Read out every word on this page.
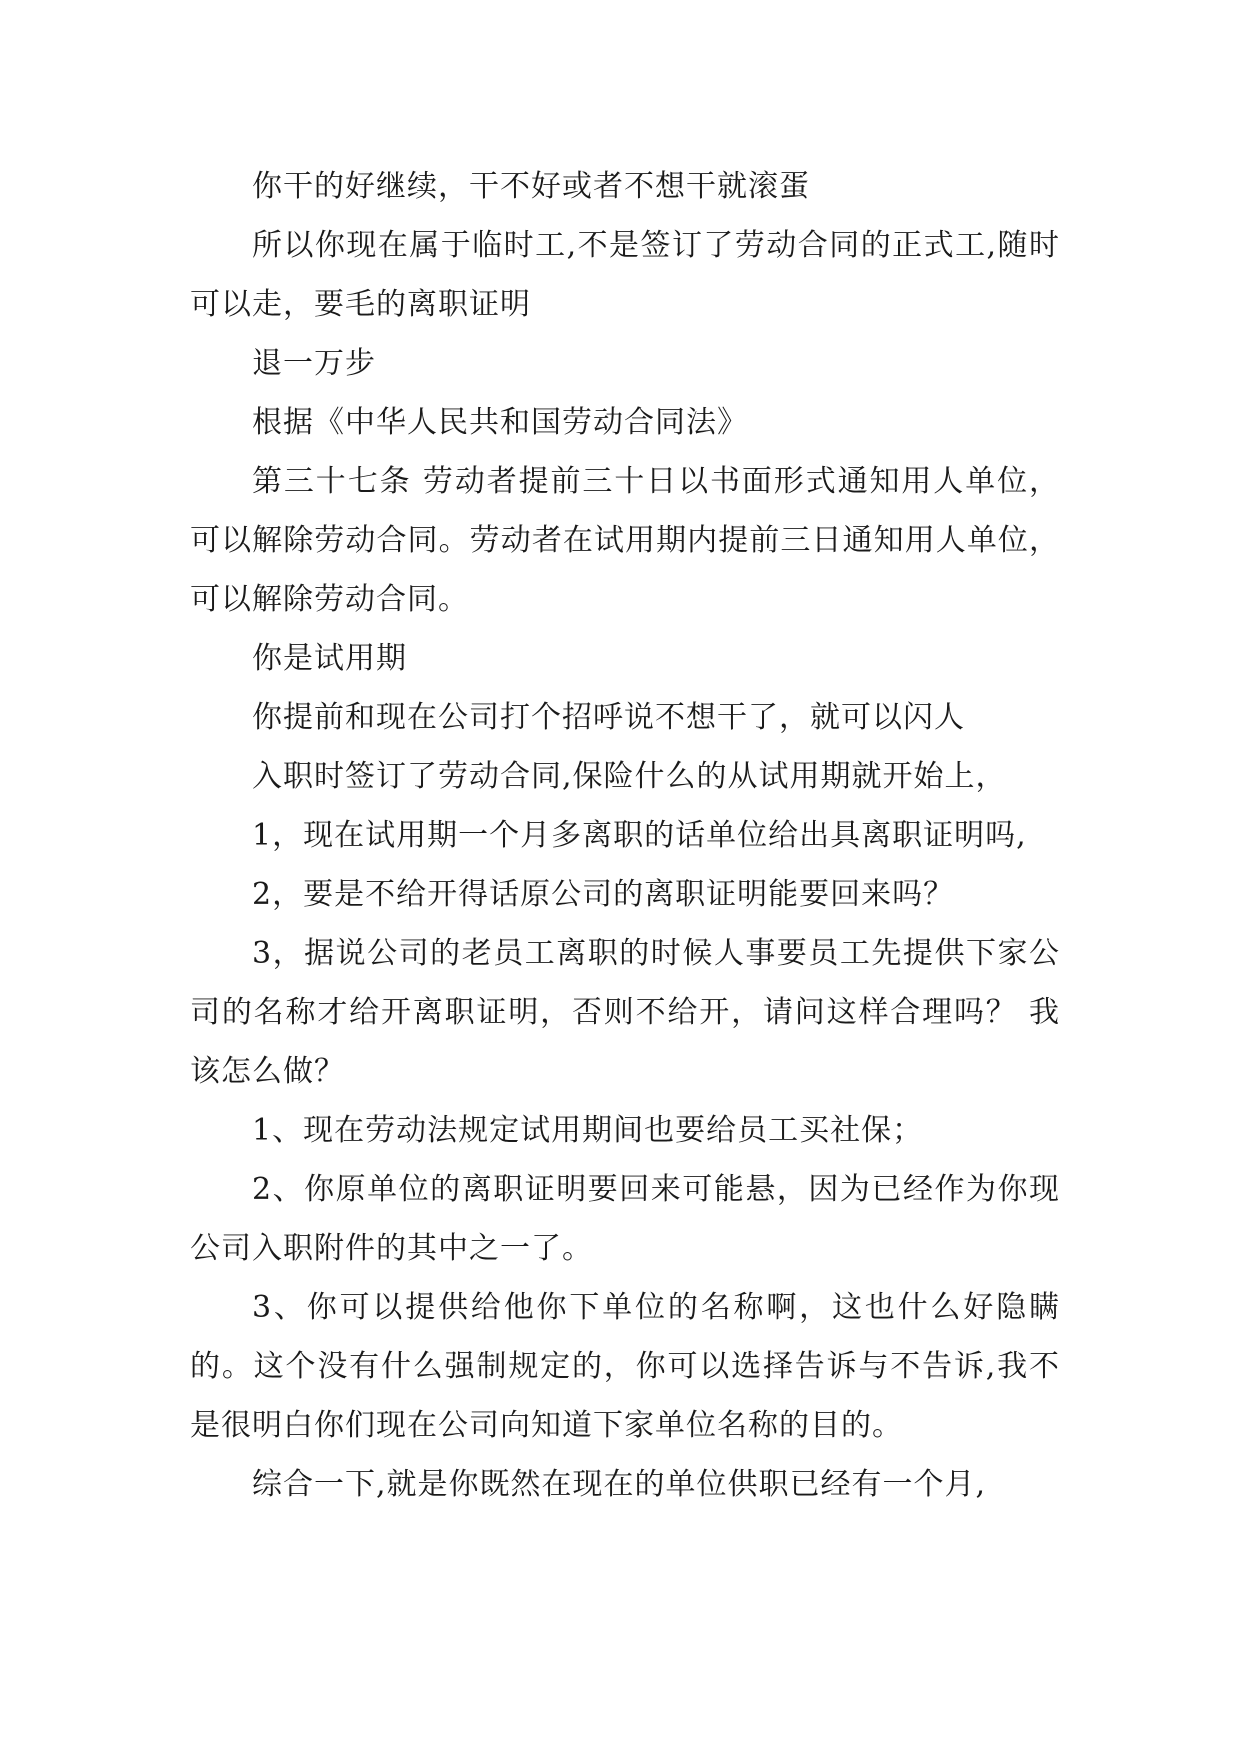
你干的好继续，干不好或者不想干就滚蛋

所以你现在属于临时工,不是签订了劳动合同的正式工,随时可以走，要毛的离职证明

退一万步

根据《中华人民共和国劳动合同法》

第三十七条 劳动者提前三十日以书面形式通知用人单位，可以解除劳动合同。劳动者在试用期内提前三日通知用人单位，可以解除劳动合同。

你是试用期

你提前和现在公司打个招呼说不想干了，就可以闪人

入职时签订了劳动合同,保险什么的从试用期就开始上，

1，现在试用期一个月多离职的话单位给出具离职证明吗,

2，要是不给开得话原公司的离职证明能要回来吗？

3，据说公司的老员工离职的时候人事要员工先提供下家公司的名称才给开离职证明，否则不给开，请问这样合理吗？ 我该怎么做？

1、现在劳动法规定试用期间也要给员工买社保；

2、你原单位的离职证明要回来可能悬，因为已经作为你现公司入职附件的其中之一了。

3、你可以提供给他你下单位的名称啊，这也什么好隐瞒的。这个没有什么强制规定的，你可以选择告诉与不告诉,我不是很明白你们现在公司向知道下家单位名称的目的。

综合一下,就是你既然在现在的单位供职已经有一个月,
